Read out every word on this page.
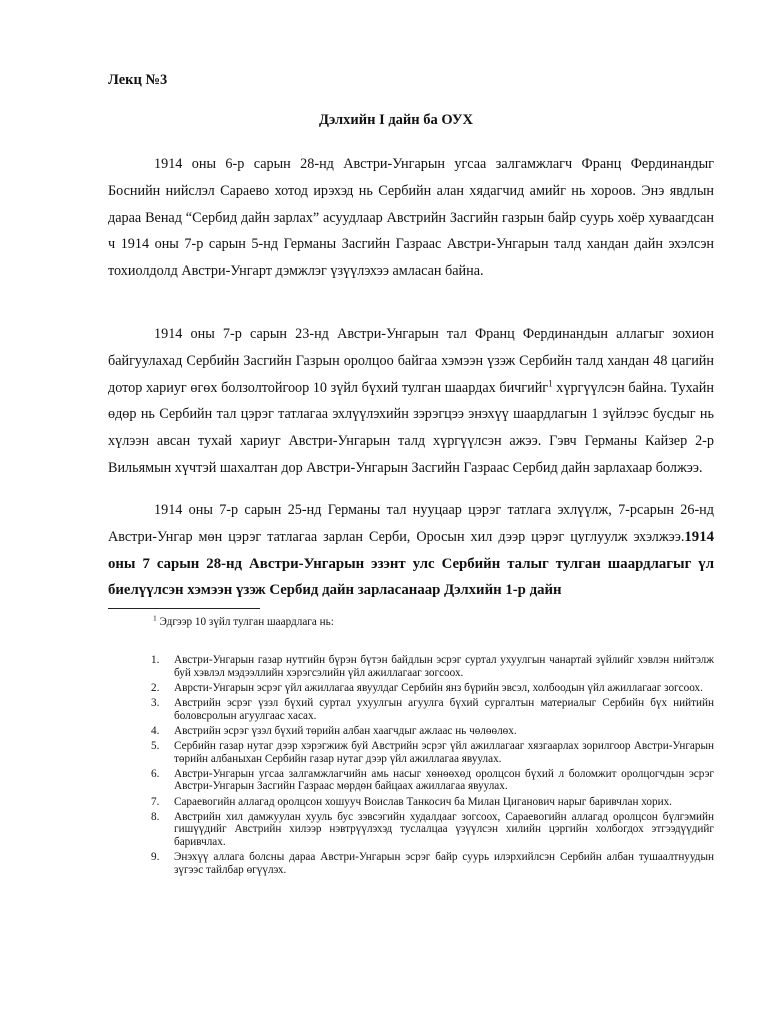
Лекц №3
Дэлхийн I дайн ба ОУХ

1914 оны 6-р сарын 28-нд Австри-Унгарын угсаа залгамжлагч Франц Фердинандыг Боснийн нийслэл Сараево хотод ирэхэд нь Сербийн алан хядагчид амийг нь хороов. Энэ явдлын дараа Венад “Сербид дайн зарлах” асуудлаар Австрийн Засгийн газрын байр суурь хоёр хуваагдсан ч 1914 оны 7-р сарын 5-нд Германы Засгийн Газраас Австри-Унгарын талд хандан дайн эхэлсэн тохиолдолд Австри-Унгарт дэмжлэг үзүүлэхээ амласан байна.

1914 оны 7-р сарын 23-нд Австри-Унгарын тал Франц Фердинандын аллагыг зохион байгуулахад Сербийн Засгийн Газрын оролцоо байгаа хэмээн үзэж Сербийн талд хандан 48 цагийн дотор хариуг өгөх болзолтойгоор 10 зүйл бүхий тулган шаардах бичгийг$^1$ хүргүүлсэн байна. Тухайн өдөр нь Сербийн тал цэрэг татлагаа эхлүүлэхийн зэрэгцээ энэхүү шаардлагын 1 зүйлээс бусдыг нь хүлээн авсан тухай хариуг Австри-Унгарын талд хүргүүлсэн ажээ. Гэвч Германы Кайзер 2-р Вильямын хүчтэй шахалтан дор Австри-Унгарын Засгийн Газраас Сербид дайн зарлахаар болжээ.

1914 оны 7-р сарын 25-нд Германы тал нууцаар цэрэг татлага эхлүүлж, 7-рсарын 26-нд Австри-Унгар мөн цэрэг татлагаа зарлан Серби, Оросын хил дээр цэрэг цуглуулж эхэлжээ.1914 оны 7 сарын 28-нд Австри-Унгарын эзэнт улс Сербийн талыг тулган шаардлагыг үл биелүүлсэн хэмээн үзэж Сербид дайн зарласанаар Дэлхийн 1-р дайн

$^1$ Эдгээр 10 зүйл тулган шаардлага нь:
1. Австри-Унгарын газар нутгийн бүрэн бүтэн байдлын эсрэг суртал ухуулгын чанартай зүйлийг хэвлэн нийтэлж буй хэвлэл мэдээллийн хэрэгсэлийн үйл ажиллагааг зогсоох.
2. Аврсти-Унгарын эсрэг үйл ажиллагаа явуулдаг Сербийн янз бүрийн эвсэл, холбоодын үйл ажиллагааг зогсоох.
3. Австрийн эсрэг үзэл бүхий суртал ухуулгын агуулга бүхий сургалтын материалыг Сербийн бүх нийтийн боловсролын агуулгаас хасах.
4. Австрийн эсрэг үзэл бүхий төрийн албан хаагчдыг ажлаас нь чөлөөлөх.
5. Сербийн газар нутаг дээр хэрэгжиж буй Австрийн эсрэг үйл ажиллагааг хязгаарлах зорилгоор Австри-Унгарын төрийн албаныхан Сербийн газар нутаг дээр үйл ажиллагаа явуулах.
6. Австри-Унгарын угсаа залгамжлагчийн амь насыг хөнөөхөд оролцсон бүхий л боломжит оролцогчдын эсрэг Австри-Унгарын Засгийн Газраас мөрдөн байцаах ажиллагаа явуулах.
7. Сараевогийн аллагад оролцсон хошууч Воислав Танкосич ба Милан Циганович нарыг баривчлан хорих.
8. Австрийн хил дамжуулан хууль бус зэвсэгийн худалдааг зогсоох, Сараевогийн аллагад оролцсон бүлгэмийн гишүүдийг Австрийн хилээр нэвтрүүлэхэд туслалцаа үзүүлсэн хилийн цэргийн холбогдох этгээдүүдийг баривчлах.
9. Энэхүү аллага болсны дараа Австри-Унгарын эсрэг байр суурь илэрхийлсэн Сербийн албан тушаалтнуудын зүгээс тайлбар өгүүлэх.
